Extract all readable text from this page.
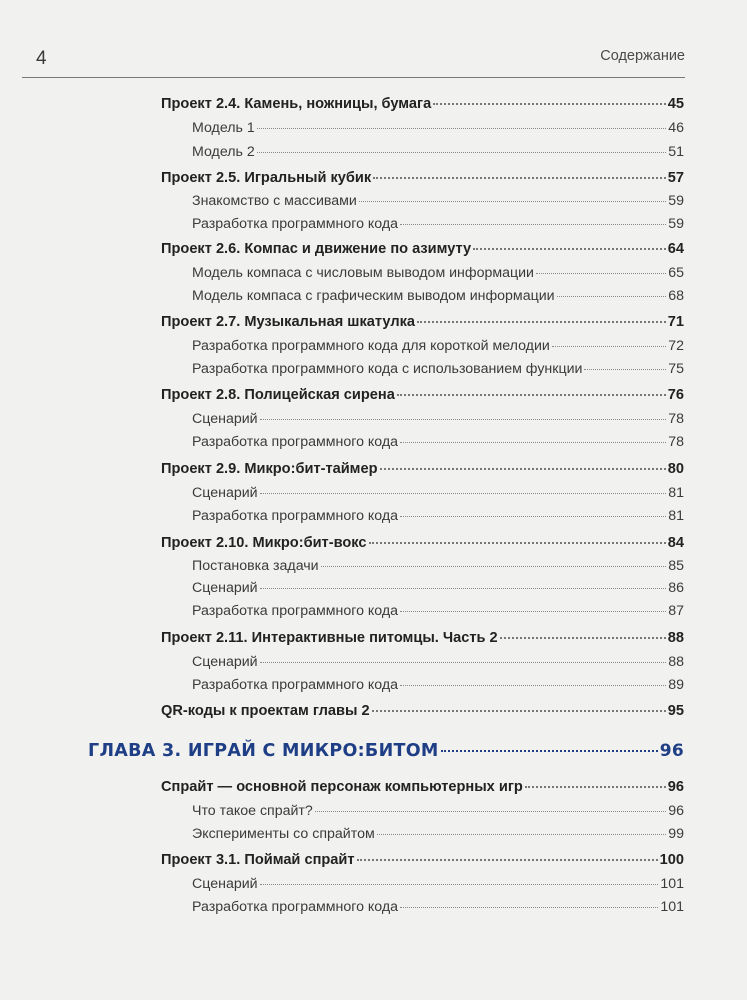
4	Содержание
Проект 2.4. Камень, ножницы, бумага	45
Модель 1	46
Модель 2	51
Проект 2.5. Игральный кубик	57
Знакомство с массивами	59
Разработка программного кода	59
Проект 2.6. Компас и движение по азимуту	64
Модель компаса с числовым выводом информации	65
Модель компаса с графическим выводом информации	68
Проект 2.7. Музыкальная шкатулка	71
Разработка программного кода для короткой мелодии	72
Разработка программного кода с использованием функции	75
Проект 2.8. Полицейская сирена	76
Сценарий	78
Разработка программного кода	78
Проект 2.9. Микро:бит-таймер	80
Сценарий	81
Разработка программного кода	81
Проект 2.10. Микро:бит-вокс	84
Постановка задачи	85
Сценарий	86
Разработка программного кода	87
Проект 2.11. Интерактивные питомцы. Часть 2	88
Сценарий	88
Разработка программного кода	89
QR-коды к проектам главы 2	95
ГЛАВА 3. ИГРАЙ С МИКРО:БИТОМ	96
Спрайт — основной персонаж компьютерных игр	96
Что такое спрайт?	96
Эксперименты со спрайтом	99
Проект 3.1. Поймай спрайт	100
Сценарий	101
Разработка программного кода	101
